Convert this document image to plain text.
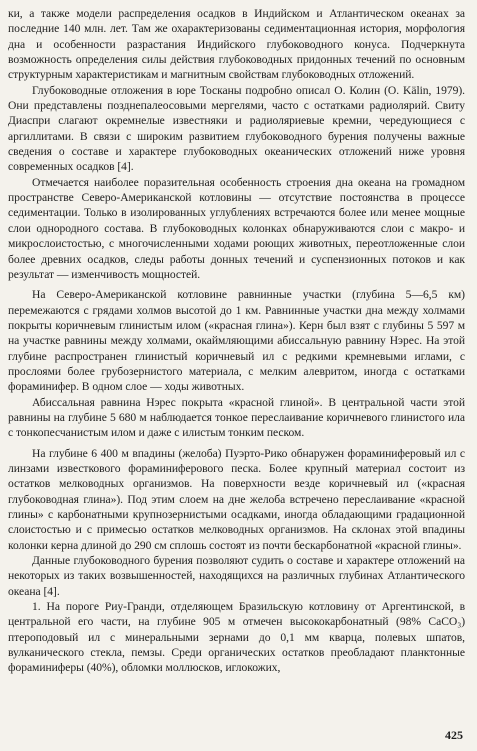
ки, а также модели распределения осадков в Индийском и Атлантическом океанах за последние 140 млн. лет. Там же охарактеризованы седиментационная история, морфология дна и особенности разрастания Индийского глубоководного конуса. Подчеркнута возможность определения силы действия глубоководных придонных течений по основным структурным характеристикам и магнитным свойствам глубоководных отложений.

Глубоководные отложения в юре Тосканы подробно описал О. Колин (O. Kälin, 1979). Они представлены позднепалеосовыми мергелями, часто с остатками радиолярий. Свиту Диаспри слагают окремнелые известняки и радиоляриевые кремни, чередующиеся с аргиллитами. В связи с широким развитием глубоководного бурения получены важные сведения о составе и характере глубоководных океанических отложений ниже уровня современных осадков [4].

Отмечается наиболее поразительная особенность строения дна океана на громадном пространстве Северо-Американской котловины — отсутствие постоянства в процессе седиментации. Только в изолированных углублениях встречаются более или менее мощные слои однородного состава. В глубоководных колонках обнаруживаются слои с макро- и микрослоистостью, с многочисленными ходами роющих животных, переотложенные слои более древних осадков, следы работы донных течений и суспензионных потоков и как результат — изменчивость мощностей.

На Северо-Американской котловине равнинные участки (глубина 5—6,5 км) перемежаются с грядами холмов высотой до 1 км. Равнинные участки дна между холмами покрыты коричневым глинистым илом («красная глина»). Керн был взят с глубины 5 597 м на участке равнины между холмами, окаймляющими абиссальную равнину Нэрес. На этой глубине распространен глинистый коричневый ил с редкими кремневыми иглами, с прослоями более грубозернистого материала, с мелким алевритом, иногда с остатками фораминифер. В одном слое — ходы животных.

Абиссальная равнина Нэрес покрыта «красной глиной». В центральной части этой равнины на глубине 5 680 м наблюдается тонкое переслаивание коричневого глинистого ила с тонкопесчанистым илом и даже с илистым тонким песком.

На глубине 6 400 м впадины (желоба) Пуэрто-Рико обнаружен фораминиферовый ил с линзами известкового фораминиферового песка. Более крупный материал состоит из остатков мелководных организмов. На поверхности везде коричневый ил («красная глубоководная глина»). Под этим слоем на дне желоба встречено переслаивание «красной глины» с карбонатными крупнозернистыми осадками, иногда обладающими градационной слоистостью и с примесью остатков мелководных организмов. На склонах этой впадины колонки керна длиной до 290 см сплошь состоят из почти бескарбонатной «красной глины».

Данные глубоководного бурения позволяют судить о составе и характере отложений на некоторых из таких возвышенностей, находящихся на различных глубинах Атлантического океана [4].

1. На пороге Риу-Гранди, отделяющем Бразильскую котловину от Аргентинской, в центральной его части, на глубине 905 м отмечен высококарбонатный (98% CaCO₃) птероподовый ил с минеральными зернами до 0,1 мм кварца, полевых шпатов, вулканического стекла, пемзы. Среди органических остатков преобладают планктонные фораминиферы (40%), обломки моллюсков, иглокожих,

425
